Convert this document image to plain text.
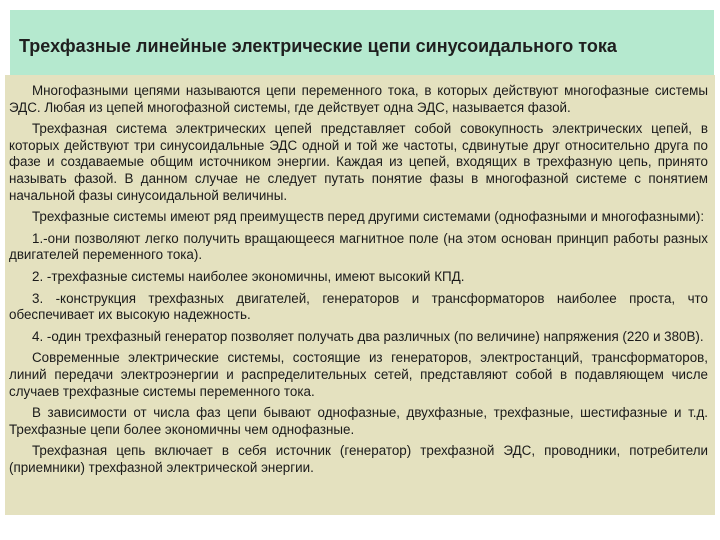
Трехфазные линейные электрические цепи синусоидального тока

Многофазными цепями называются цепи переменного тока, в которых действуют многофазные системы ЭДС. Любая из цепей многофазной системы, где действует одна ЭДС, называется фазой.

Трехфазная система электрических цепей представляет собой совокупность электрических цепей, в которых действуют три синусоидальные ЭДС одной и той же частоты, сдвинутые друг относительно друга по фазе и создаваемые общим источником энергии. Каждая из цепей, входящих в трехфазную цепь, принято называть фазой. В данном случае не следует путать понятие фазы в многофазной системе с понятием начальной фазы синусоидальной величины.

Трехфазные системы имеют ряд преимуществ перед другими системами (однофазными и многофазными):

1.-они позволяют легко получить вращающееся магнитное поле (на этом основан принцип работы разных двигателей переменного тока).

2. -трехфазные системы наиболее экономичны, имеют высокий КПД.

3. -конструкция трехфазных двигателей, генераторов и трансформаторов наиболее проста, что обеспечивает их высокую надежность.

4. -один трехфазный генератор позволяет получать два различных (по величине) напряжения (220 и 380В).

Современные электрические системы, состоящие из генераторов, электростанций, трансформаторов, линий передачи электроэнергии и распределительных сетей, представляют собой в подавляющем числе случаев трехфазные системы переменного тока.

В зависимости от числа фаз цепи бывают однофазные, двухфазные, трехфазные, шестифазные и т.д. Трехфазные цепи более экономичны чем однофазные.

Трехфазная цепь включает в себя источник (генератор) трехфазной ЭДС, проводники, потребители (приемники) трехфазной электрической энергии.
